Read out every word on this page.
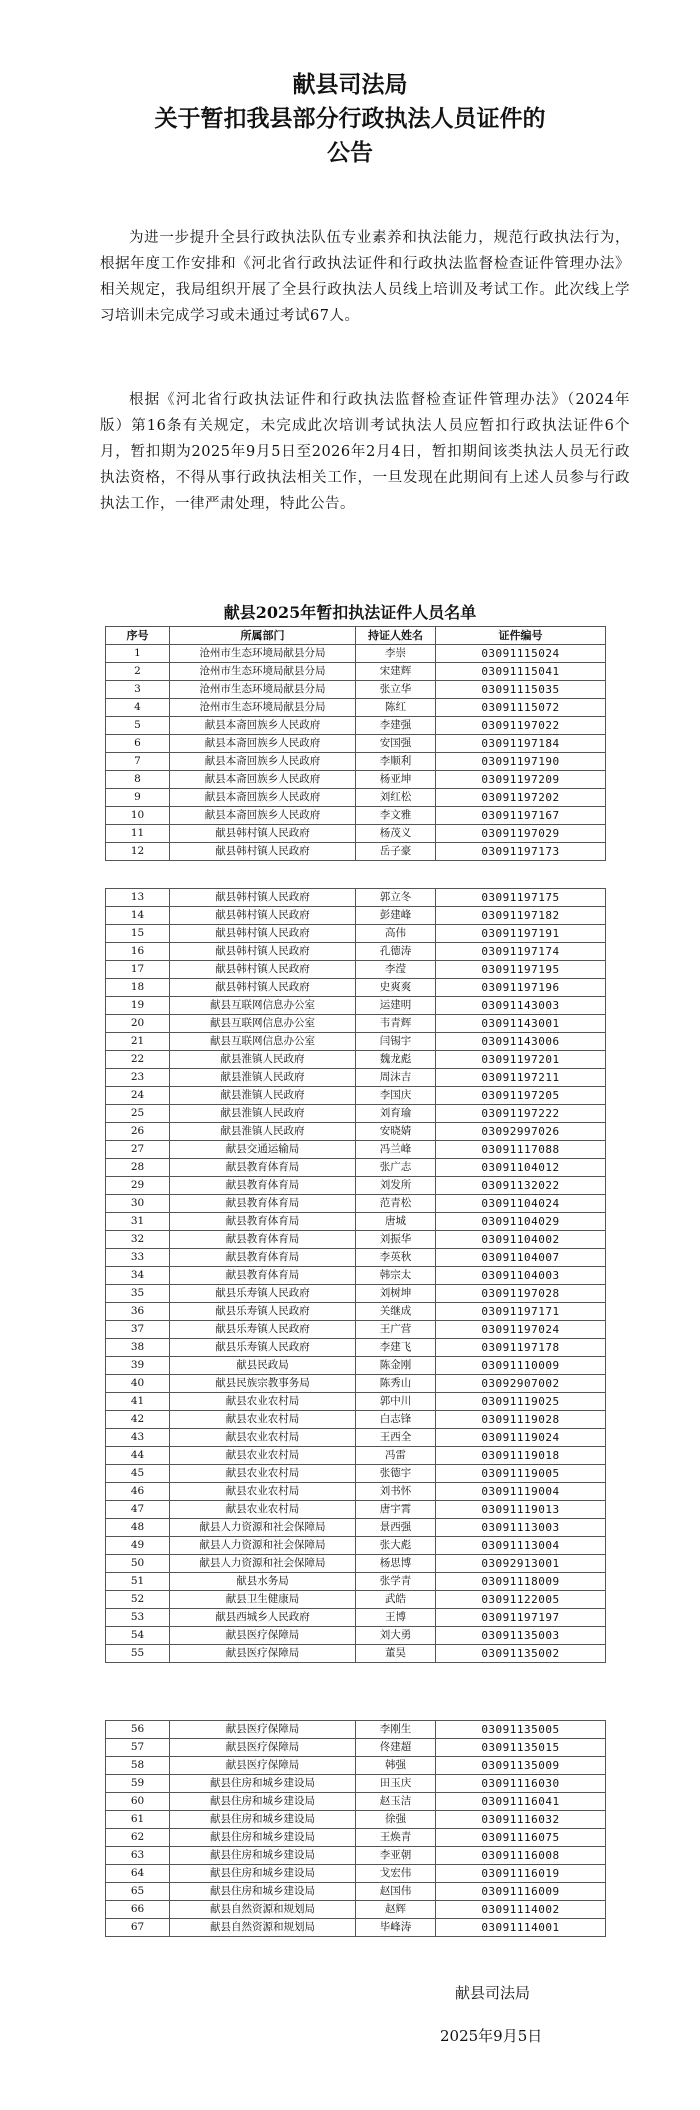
献县司法局
关于暂扣我县部分行政执法人员证件的
公告

为进一步提升全县行政执法队伍专业素养和执法能力，规范行政执法行为，根据年度工作安排和《河北省行政执法证件和行政执法监督检查证件管理办法》相关规定，我局组织开展了全县行政执法人员线上培训及考试工作。此次线上学习培训未完成学习或未通过考试67人。

根据《河北省行政执法证件和行政执法监督检查证件管理办法》（2024年版）第16条有关规定，未完成此次培训考试执法人员应暂扣行政执法证件6个月，暂扣期为2025年9月5日至2026年2月4日，暂扣期间该类执法人员无行政执法资格，不得从事行政执法相关工作，一旦发现在此期间有上述人员参与行政执法工作，一律严肃处理，特此公告。

献县2025年暂扣执法证件人员名单
序号	所属部门	持证人姓名	证件编号
1	沧州市生态环境局献县分局	李崇	03091115024
2	沧州市生态环境局献县分局	宋建辉	03091115041
3	沧州市生态环境局献县分局	张立华	03091115035
4	沧州市生态环境局献县分局	陈红	03091115072
5	献县本斋回族乡人民政府	李建强	03091197022
6	献县本斋回族乡人民政府	安国强	03091197184
7	献县本斋回族乡人民政府	李顺利	03091197190
8	献县本斋回族乡人民政府	杨亚坤	03091197209
9	献县本斋回族乡人民政府	刘红松	03091197202
10	献县本斋回族乡人民政府	李文雅	03091197167
11	献县韩村镇人民政府	杨茂义	03091197029
12	献县韩村镇人民政府	岳子豪	03091197173
13	献县韩村镇人民政府	郭立冬	03091197175
14	献县韩村镇人民政府	彭建峰	03091197182
15	献县韩村镇人民政府	高伟	03091197191
16	献县韩村镇人民政府	孔德涛	03091197174
17	献县韩村镇人民政府	李滢	03091197195
18	献县韩村镇人民政府	史爽爽	03091197196
19	献县互联网信息办公室	运建明	03091143003
20	献县互联网信息办公室	韦青辉	03091143001
21	献县互联网信息办公室	闫锡宇	03091143006
22	献县淮镇人民政府	魏龙彪	03091197201
23	献县淮镇人民政府	周沫吉	03091197211
24	献县淮镇人民政府	李国庆	03091197205
25	献县淮镇人民政府	刘育瑜	03091197222
26	献县淮镇人民政府	安晓婧	03092997026
27	献县交通运输局	冯兰峰	03091117088
28	献县教育体育局	张广志	03091104012
29	献县教育体育局	刘发所	03091132022
30	献县教育体育局	范青松	03091104024
31	献县教育体育局	唐城	03091104029
32	献县教育体育局	刘振华	03091104002
33	献县教育体育局	李英秋	03091104007
34	献县教育体育局	韩宗太	03091104003
35	献县乐寿镇人民政府	刘树坤	03091197028
36	献县乐寿镇人民政府	关继成	03091197171
37	献县乐寿镇人民政府	王广营	03091197024
38	献县乐寿镇人民政府	李建飞	03091197178
39	献县民政局	陈金刚	03091110009
40	献县民族宗教事务局	陈秀山	03092907002
41	献县农业农村局	郭中川	03091119025
42	献县农业农村局	白志锋	03091119028
43	献县农业农村局	王西全	03091119024
44	献县农业农村局	冯雷	03091119018
45	献县农业农村局	张德宇	03091119005
46	献县农业农村局	刘书怀	03091119004
47	献县农业农村局	唐宇霄	03091119013
48	献县人力资源和社会保障局	景西强	03091113003
49	献县人力资源和社会保障局	张大彪	03091113004
50	献县人力资源和社会保障局	杨思博	03092913001
51	献县水务局	张学青	03091118009
52	献县卫生健康局	武皓	03091122005
53	献县西城乡人民政府	王博	03091197197
54	献县医疗保障局	刘大勇	03091135003
55	献县医疗保障局	董昊	03091135002
56	献县医疗保障局	李刚生	03091135005
57	献县医疗保障局	佟建超	03091135015
58	献县医疗保障局	韩强	03091135009
59	献县住房和城乡建设局	田玉庆	03091116030
60	献县住房和城乡建设局	赵玉洁	03091116041
61	献县住房和城乡建设局	徐强	03091116032
62	献县住房和城乡建设局	王焕青	03091116075
63	献县住房和城乡建设局	李亚朝	03091116008
64	献县住房和城乡建设局	戈宏伟	03091116019
65	献县住房和城乡建设局	赵国伟	03091116009
66	献县自然资源和规划局	赵辉	03091114002
67	献县自然资源和规划局	毕峰涛	03091114001
献县司法局
2025年9月5日
